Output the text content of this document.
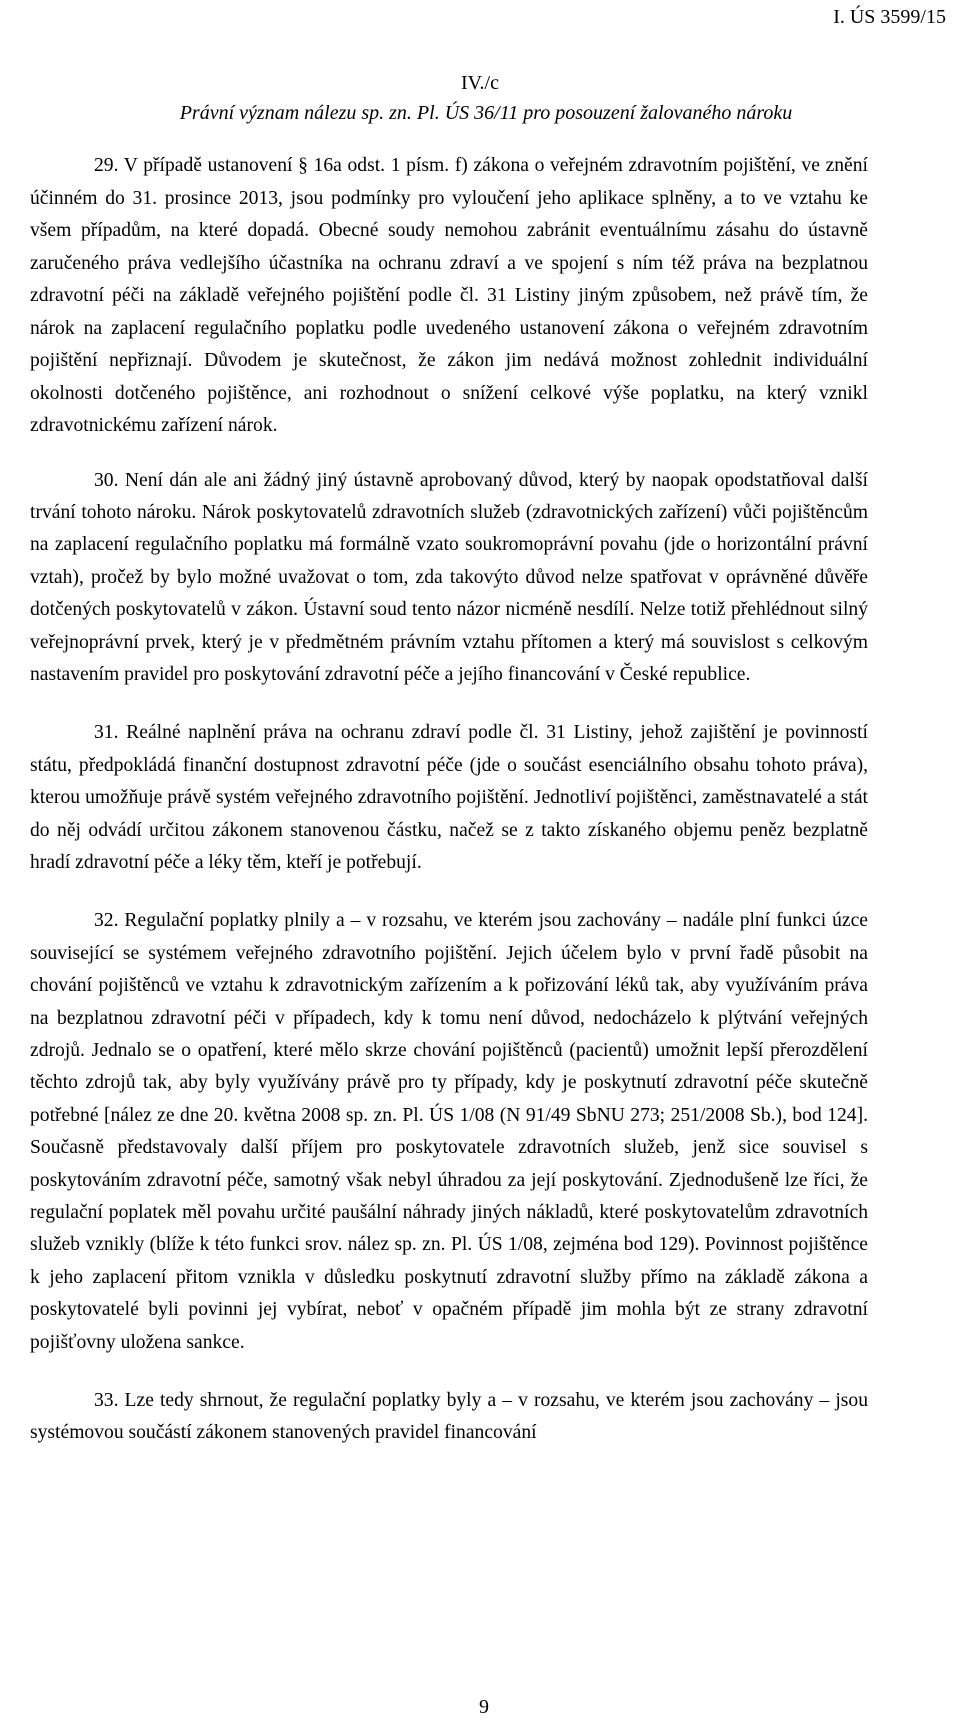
I. ÚS 3599/15
IV./c
Právní význam nálezu sp. zn. Pl. ÚS 36/11 pro posouzení žalovaného nároku

29. V případě ustanovení § 16a odst. 1 písm. f) zákona o veřejném zdravotním pojištění, ve znění účinném do 31. prosince 2013, jsou podmínky pro vyloučení jeho aplikace splněny, a to ve vztahu ke všem případům, na které dopadá. Obecné soudy nemohou zabránit eventuálnímu zásahu do ústavně zaručeného práva vedlejšího účastníka na ochranu zdraví a ve spojení s ním též práva na bezplatnou zdravotní péči na základě veřejného pojištění podle čl. 31 Listiny jiným způsobem, než právě tím, že nárok na zaplacení regulačního poplatku podle uvedeného ustanovení zákona o veřejném zdravotním pojištění nepřiznají. Důvodem je skutečnost, že zákon jim nedává možnost zohlednit individuální okolnosti dotčeného pojištěnce, ani rozhodnout o snížení celkové výše poplatku, na který vznikl zdravotnickému zařízení nárok.

30. Není dán ale ani žádný jiný ústavně aprobovaný důvod, který by naopak opodstatňoval další trvání tohoto nároku. Nárok poskytovatelů zdravotních služeb (zdravotnických zařízení) vůči pojištěncům na zaplacení regulačního poplatku má formálně vzato soukromoprávní povahu (jde o horizontální právní vztah), pročež by bylo možné uvažovat o tom, zda takovýto důvod nelze spatřovat v oprávněné důvěře dotčených poskytovatelů v zákon. Ústavní soud tento názor nicméně nesdílí. Nelze totiž přehlédnout silný veřejnoprávní prvek, který je v předmětném právním vztahu přítomen a který má souvislost s celkovým nastavením pravidel pro poskytování zdravotní péče a jejího financování v České republice.

31. Reálné naplnění práva na ochranu zdraví podle čl. 31 Listiny, jehož zajištění je povinností státu, předpokládá finanční dostupnost zdravotní péče (jde o součást esenciálního obsahu tohoto práva), kterou umožňuje právě systém veřejného zdravotního pojištění. Jednotliví pojištěnci, zaměstnavatelé a stát do něj odvádí určitou zákonem stanovenou částku, načež se z takto získaného objemu peněz bezplatně hradí zdravotní péče a léky těm, kteří je potřebují.

32. Regulační poplatky plnily a – v rozsahu, ve kterém jsou zachovány – nadále plní funkci úzce související se systémem veřejného zdravotního pojištění. Jejich účelem bylo v první řadě působit na chování pojištěnců ve vztahu k zdravotnickým zařízením a k pořizování léků tak, aby využíváním práva na bezplatnou zdravotní péči v případech, kdy k tomu není důvod, nedocházelo k plýtvání veřejných zdrojů. Jednalo se o opatření, které mělo skrze chování pojištěnců (pacientů) umožnit lepší přerozdělení těchto zdrojů tak, aby byly využívány právě pro ty případy, kdy je poskytnutí zdravotní péče skutečně potřebné [nález ze dne 20. května 2008 sp. zn. Pl. ÚS 1/08 (N 91/49 SbNU 273; 251/2008 Sb.), bod 124]. Současně představovaly další příjem pro poskytovatele zdravotních služeb, jenž sice souvisel s poskytováním zdravotní péče, samotný však nebyl úhradou za její poskytování. Zjednodušeně lze říci, že regulační poplatek měl povahu určité paušální náhrady jiných nákladů, které poskytovatelům zdravotních služeb vznikly (blíže k této funkci srov. nález sp. zn. Pl. ÚS 1/08, zejména bod 129). Povinnost pojištěnce k jeho zaplacení přitom vznikla v důsledku poskytnutí zdravotní služby přímo na základě zákona a poskytovatelé byli povinni jej vybírat, neboť v opačném případě jim mohla být ze strany zdravotní pojišťovny uložena sankce.

33. Lze tedy shrnout, že regulační poplatky byly a – v rozsahu, ve kterém jsou zachovány – jsou systémovou součástí zákonem stanovených pravidel financování

9
